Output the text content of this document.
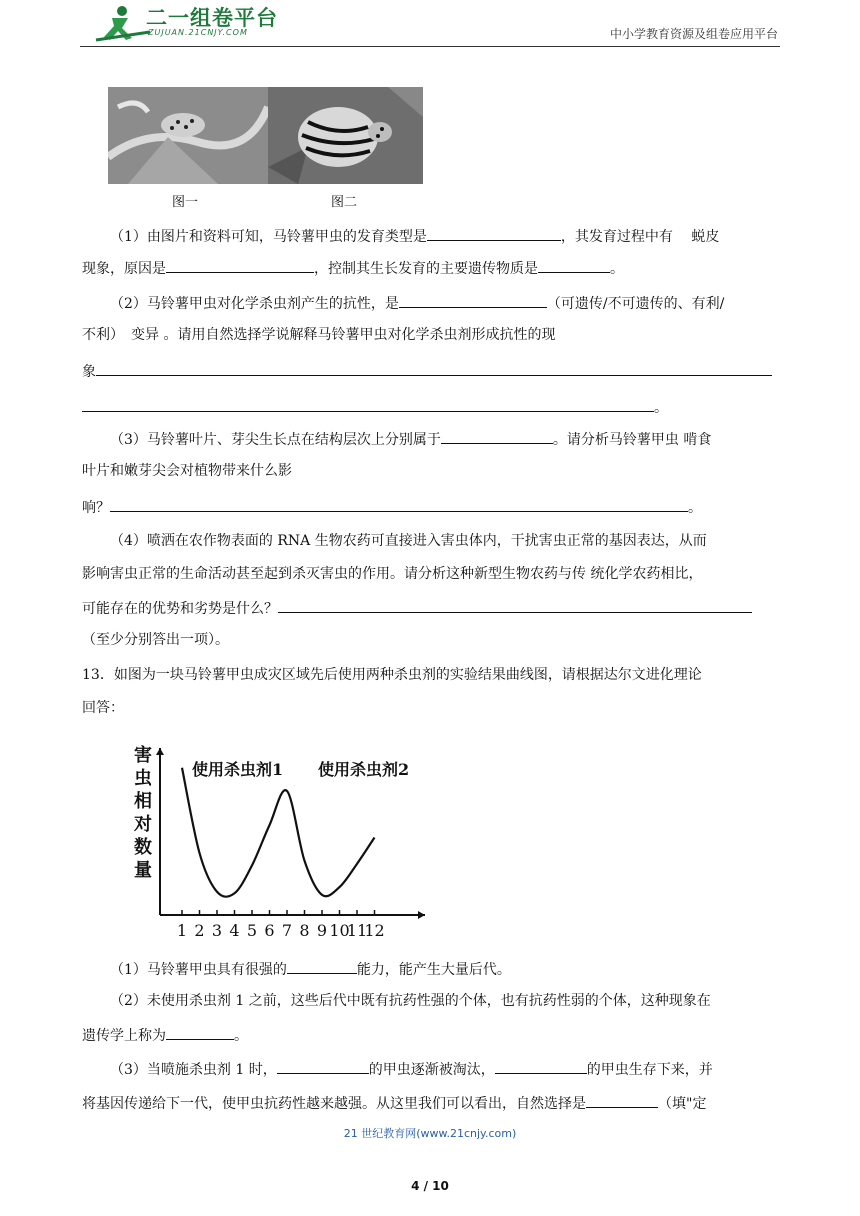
二一组卷平台
ZUJUAN.21CNJY.COM	中小学教育资源及组卷应用平台
图一	图二
（1）由图片和资料可知，马铃薯甲虫的发育类型是	，其发育过程中有　 蜕皮
现象，原因是	，控制其生长发育的主要遗传物质是	。
（2）马铃薯甲虫对化学杀虫剂产生的抗性，是	（可遗传/不可遗传的、有利/
不利）　变异 。请用自然选择学说解释马铃薯甲虫对化学杀虫剂形成抗性的现
象
。
（3）马铃薯叶片、芽尖生长点在结构层次上分别属于	。请分析马铃薯甲虫 啃食
叶片和嫩芽尖会对植物带来什么影
响？	。
（4）喷洒在农作物表面的 RNA 生物农药可直接进入害虫体内，干扰害虫正常的基因表达，从而
影响害虫正常的生命活动甚至起到杀灭害虫的作用。请分析这种新型生物农药与传 统化学农药相比，
可能存在的优势和劣势是什么？
（至少分别答出一项）。
13．如图为一块马铃薯甲虫成灾区域先后使用两种杀虫剂的实验结果曲线图，请根据达尔文进化理论
回答：
害
虫
相
对
数
量
1 2 3 4 5 6 7 8 9 10
11
12
使用杀虫剂1 使用杀虫剂2
（1）马铃薯甲虫具有很强的	能力，能产生大量后代。
（2）未使用杀虫剂 1 之前，这些后代中既有抗药性强的个体，也有抗药性弱的个体，这种现象在
遗传学上称为	。
（3）当喷施杀虫剂 1 时，	的甲虫逐渐被淘汰，	的甲虫生存下来，并
将基因传递给下一代，使甲虫抗药性越来越强。从这里我们可以看出，自然选择是	（填"定
21 世纪教育网(www.21cnjy.com)
4 / 10
